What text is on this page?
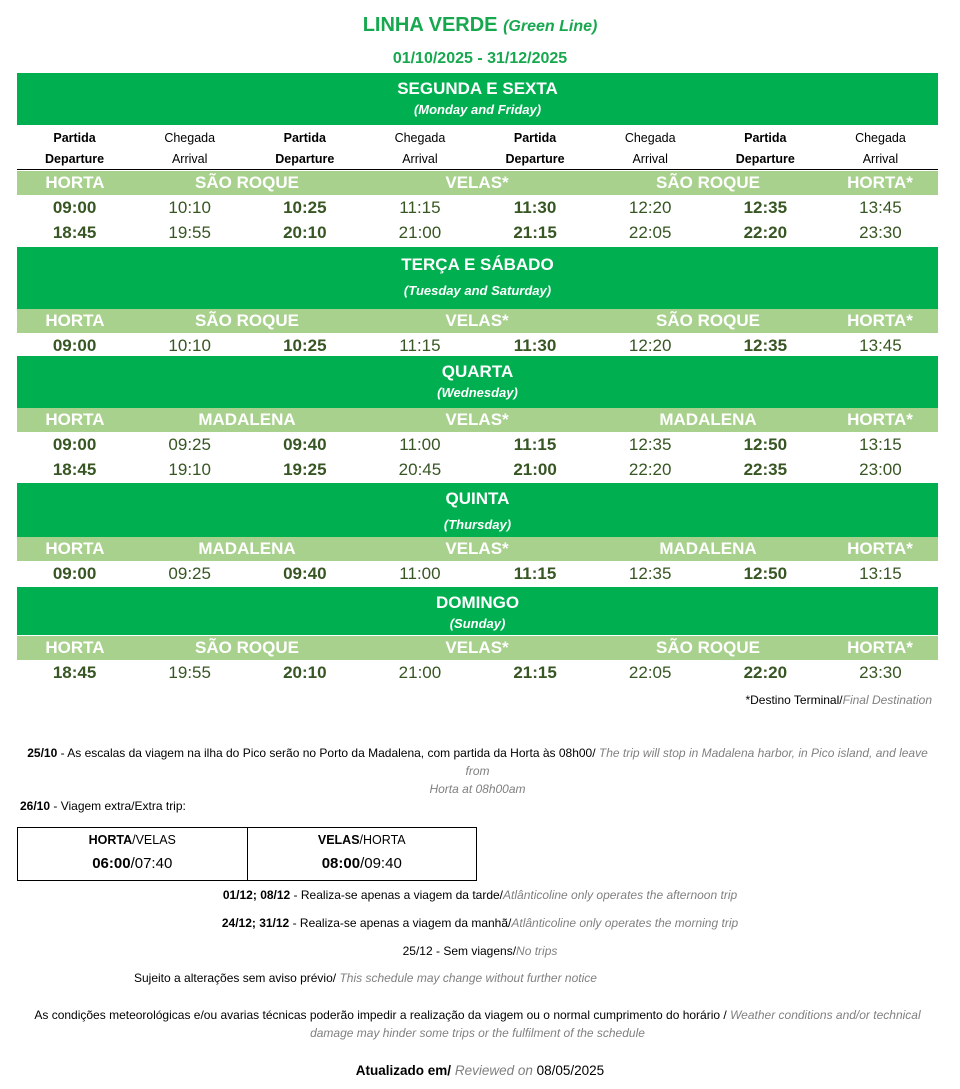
LINHA VERDE (Green Line)
01/10/2025 - 31/12/2025
SEGUNDA E SEXTA
(Monday and Friday)
Partida	Chegada	Partida	Chegada	Partida	Chegada	Partida	Chegada
Departure	Arrival	Departure	Arrival	Departure	Arrival	Departure	Arrival
HORTA	SÃO ROQUE	VELAS*	SÃO ROQUE	HORTA*
09:00	10:10	10:25	11:15	11:30	12:20	12:35	13:45
18:45	19:55	20:10	21:00	21:15	22:05	22:20	23:30
TERÇA E SÁBADO
(Tuesday and Saturday)
HORTA	SÃO ROQUE	VELAS*	SÃO ROQUE	HORTA*
09:00	10:10	10:25	11:15	11:30	12:20	12:35	13:45
QUARTA
(Wednesday)
HORTA	MADALENA	VELAS*	MADALENA	HORTA*
09:00	09:25	09:40	11:00	11:15	12:35	12:50	13:15
18:45	19:10	19:25	20:45	21:00	22:20	22:35	23:00
QUINTA
(Thursday)
HORTA	MADALENA	VELAS*	MADALENA	HORTA*
09:00	09:25	09:40	11:00	11:15	12:35	12:50	13:15
DOMINGO
(Sunday)
HORTA	SÃO ROQUE	VELAS*	SÃO ROQUE	HORTA*
18:45	19:55	20:10	21:00	21:15	22:05	22:20	23:30
*Destino Terminal/Final Destination
25/10 - As escalas da viagem na ilha do Pico serão no Porto da Madalena, com partida da Horta às 08h00/ The trip will stop in Madalena harbor, in Pico island, and leave from
Horta at 08h00am
26/10 - Viagem extra/Extra trip:
HORTA/VELAS
06:00/07:40
VELAS/HORTA
08:00/09:40
01/12; 08/12 - Realiza-se apenas a viagem da tarde/Atlânticoline only operates the afternoon trip
24/12; 31/12 - Realiza-se apenas a viagem da manhã/Atlânticoline only operates the morning trip
25/12 - Sem viagens/No trips
Sujeito a alterações sem aviso prévio/ This schedule may change without further notice
As condições meteorológicas e/ou avarias técnicas poderão impedir a realização da viagem ou o normal cumprimento do horário / Weather conditions and/or technical
damage may hinder some trips or the fulfilment of the schedule
Atualizado em/ Reviewed on 08/05/2025
